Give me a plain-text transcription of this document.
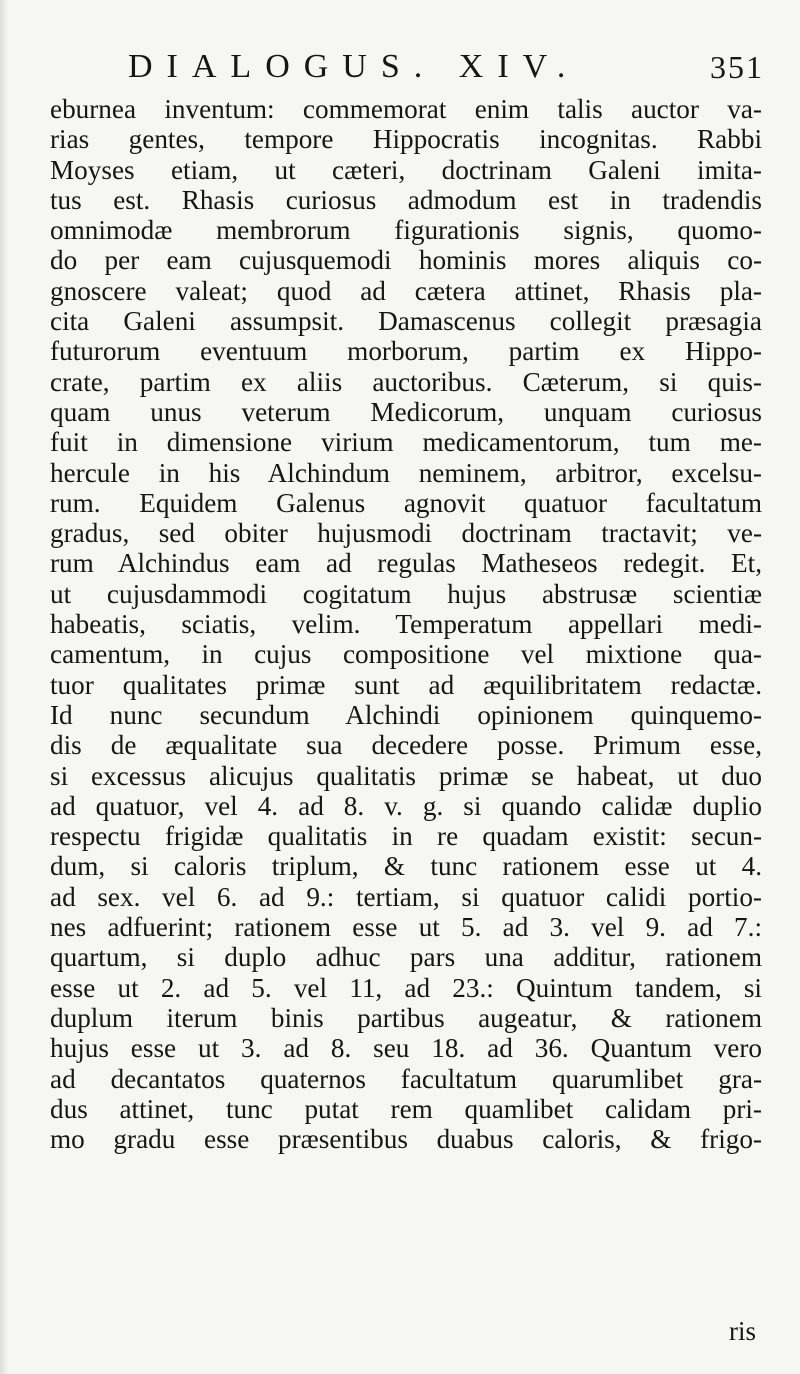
DIALOGUS. XIV.	351
eburnea inventum: commemorat enim talis auctor va-
rias gentes, tempore Hippocratis incognitas. Rabbi
Moyses etiam, ut cæteri, doctrinam Galeni imita-
tus est. Rhasis curiosus admodum est in tradendis
omnimodæ membrorum figurationis signis, quomo-
do per eam cujusquemodi hominis mores aliquis co-
gnoscere valeat; quod ad cætera attinet, Rhasis pla-
cita Galeni assumpsit. Damascenus collegit præsagia
futurorum eventuum morborum, partim ex Hippo-
crate, partim ex aliis auctoribus. Cæterum, si quis-
quam unus veterum Medicorum, unquam curiosus
fuit in dimensione virium medicamentorum, tum me-
hercule in his Alchindum neminem, arbitror, excelsu-
rum. Equidem Galenus agnovit quatuor facultatum
gradus, sed obiter hujusmodi doctrinam tractavit; ve-
rum Alchindus eam ad regulas Matheseos redegit. Et,
ut cujusdammodi cogitatum hujus abstrusæ scientiæ
habeatis, sciatis, velim. Temperatum appellari medi-
camentum, in cujus compositione vel mixtione qua-
tuor qualitates primæ sunt ad æquilibritatem redactæ.
Id nunc secundum Alchindi opinionem quinquemo-
dis de æqualitate sua decedere posse. Primum esse,
si excessus alicujus qualitatis primæ se habeat, ut duo
ad quatuor, vel 4. ad 8. v. g. si quando calidæ duplio
respectu frigidæ qualitatis in re quadam existit: secun-
dum, si caloris triplum, & tunc rationem esse ut 4.
ad sex. vel 6. ad 9.: tertiam, si quatuor calidi portio-
nes adfuerint; rationem esse ut 5. ad 3. vel 9. ad 7.:
quartum, si duplo adhuc pars una additur, rationem
esse ut 2. ad 5. vel 11, ad 23.: Quintum tandem, si
duplum iterum binis partibus augeatur, & rationem
hujus esse ut 3. ad 8. seu 18. ad 36. Quantum vero
ad decantatos quaternos facultatum quarumlibet gra-
dus attinet, tunc putat rem quamlibet calidam pri-
mo gradu esse præsentibus duabus caloris, & frigo-
ris
